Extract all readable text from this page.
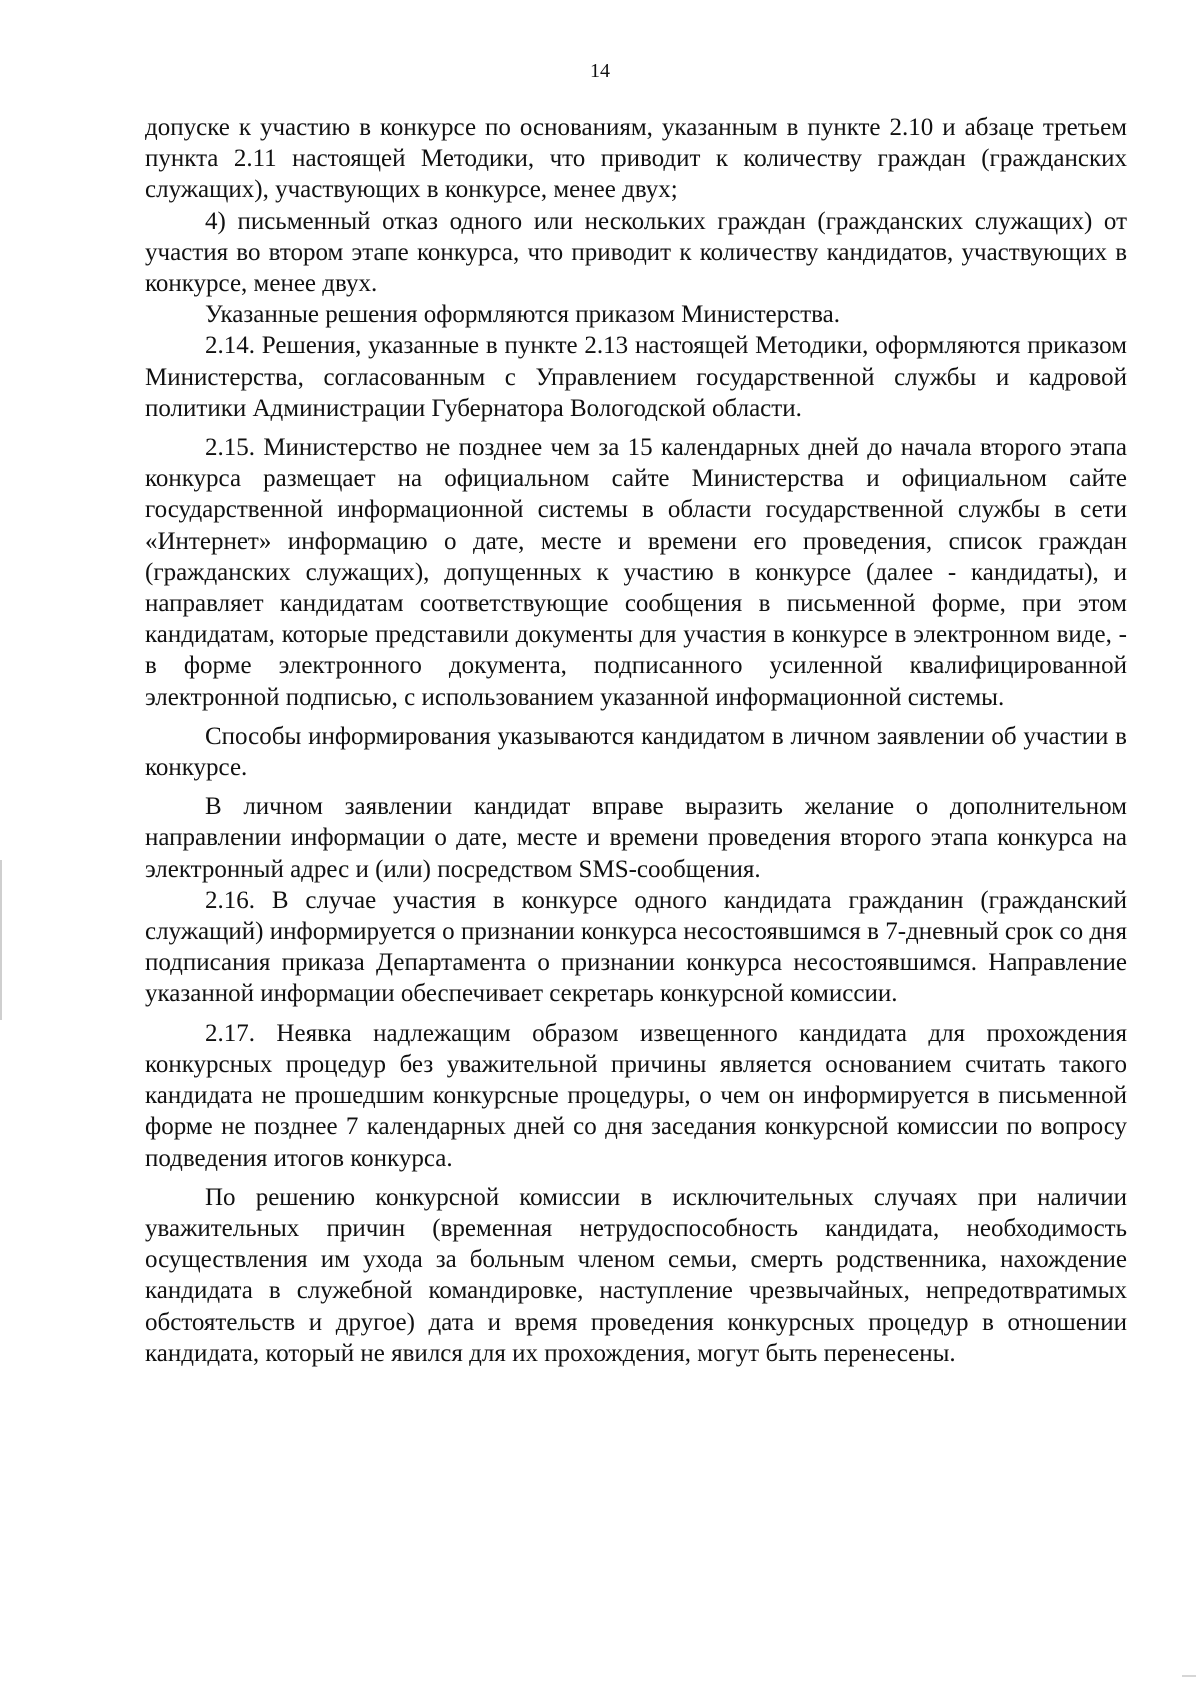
14

допуске к участию в конкурсе по основаниям, указанным в пункте 2.10 и абзаце третьем пункта 2.11 настоящей Методики, что приводит к количеству граждан (гражданских служащих), участвующих в конкурсе, менее двух;

4) письменный отказ одного или нескольких граждан (гражданских служащих) от участия во втором этапе конкурса, что приводит к количеству кандидатов, участвующих в конкурсе, менее двух.

Указанные решения оформляются приказом Министерства.

2.14. Решения, указанные в пункте 2.13 настоящей Методики, оформляются приказом Министерства, согласованным с Управлением государственной службы и кадровой политики Администрации Губернатора Вологодской области.

2.15. Министерство не позднее чем за 15 календарных дней до начала второго этапа конкурса размещает на официальном сайте Министерства и официальном сайте государственной информационной системы в области государственной службы в сети «Интернет» информацию о дате, месте и времени его проведения, список граждан (гражданских служащих), допущенных к участию в конкурсе (далее - кандидаты), и направляет кандидатам соответствующие сообщения в письменной форме, при этом кандидатам, которые представили документы для участия в конкурсе в электронном виде, - в форме электронного документа, подписанного усиленной квалифицированной электронной подписью, с использованием указанной информационной системы.

Способы информирования указываются кандидатом в личном заявлении об участии в конкурсе.

В личном заявлении кандидат вправе выразить желание о дополнительном направлении информации о дате, месте и времени проведения второго этапа конкурса на электронный адрес и (или) посредством SMS-сообщения.

2.16. В случае участия в конкурсе одного кандидата гражданин (гражданский служащий) информируется о признании конкурса несостоявшимся в 7-дневный срок со дня подписания приказа Департамента о признании конкурса несостоявшимся. Направление указанной информации обеспечивает секретарь конкурсной комиссии.

2.17. Неявка надлежащим образом извещенного кандидата для прохождения конкурсных процедур без уважительной причины является основанием считать такого кандидата не прошедшим конкурсные процедуры, о чем он информируется в письменной форме не позднее 7 календарных дней со дня заседания конкурсной комиссии по вопросу подведения итогов конкурса.

По решению конкурсной комиссии в исключительных случаях при наличии уважительных причин (временная нетрудоспособность кандидата, необходимость осуществления им ухода за больным членом семьи, смерть родственника, нахождение кандидата в служебной командировке, наступление чрезвычайных, непредотвратимых обстоятельств и другое) дата и время проведения конкурсных процедур в отношении кандидата, который не явился для их прохождения, могут быть перенесены.
